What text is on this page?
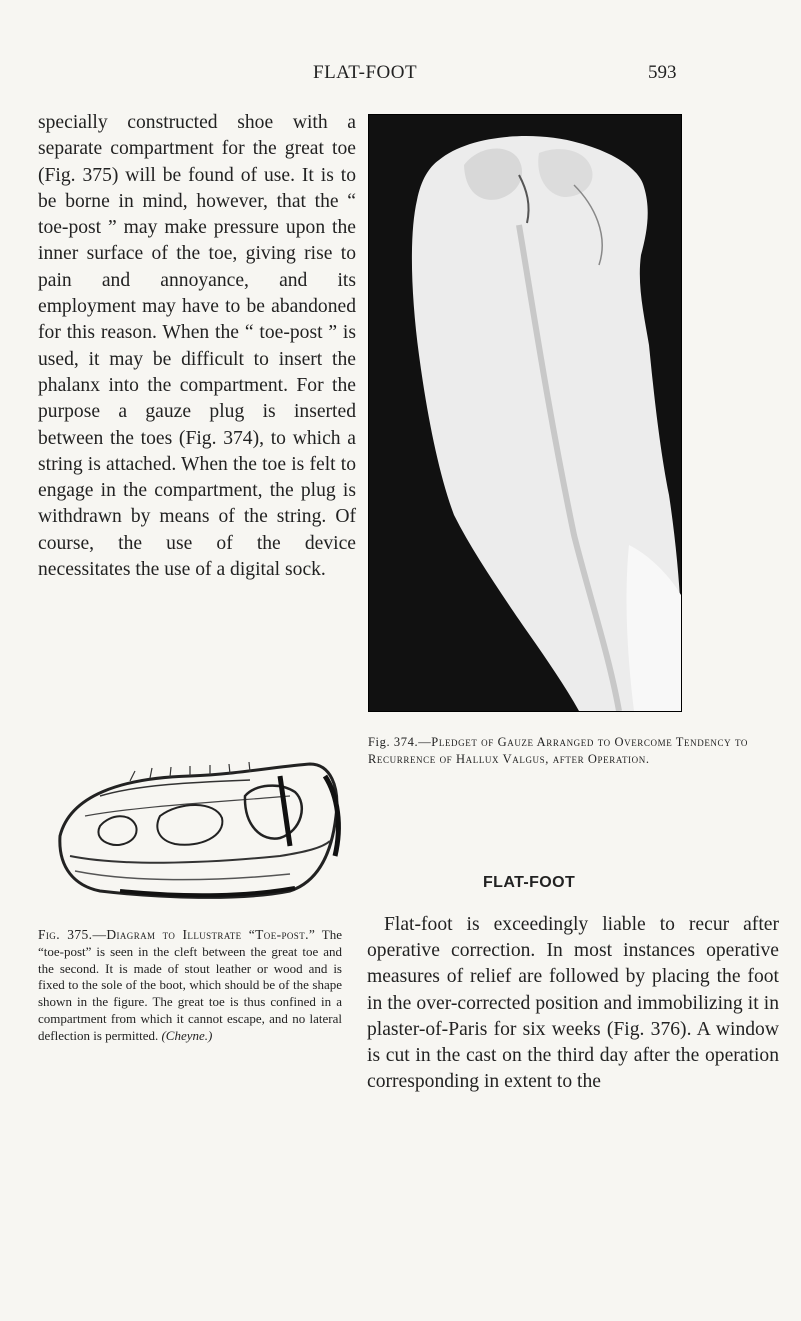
FLAT-FOOT	593

specially constructed shoe with a separate compartment for the great toe (Fig. 375) will be found of use. It is to be borne in mind, however, that the “ toe-post ” may make pressure upon the inner surface of the toe, giving rise to pain and annoyance, and its employment may have to be abandoned for this reason. When the “ toe-post ” is used, it may be difficult to insert the phalanx into the compartment. For the purpose a gauze plug is inserted between the toes (Fig. 374), to which a string is attached. When the toe is felt to engage in the compartment, the plug is withdrawn by means of the string. Of course, the use of the device necessitates the use of a digital sock.

Fig. 374.—Pledget of Gauze Arranged to Overcome Tendency to Recurrence of Hallux Valgus, after Operation.
Fig. 375.—Diagram to Illustrate “Toe-post.” The “toe-post” is seen in the cleft between the great toe and the second. It is made of stout leather or wood and is fixed to the sole of the boot, which should be of the shape shown in the figure. The great toe is thus confined in a compartment from which it cannot escape, and no lateral deflection is permitted. (Cheyne.)
FLAT-FOOT

Flat-foot is exceedingly liable to recur after operative correction. In most instances operative measures of relief are followed by placing the foot in the over-corrected position and immobilizing it in plaster-of-Paris for six weeks (Fig. 376). A window is cut in the cast on the third day after the operation corresponding in extent to the
